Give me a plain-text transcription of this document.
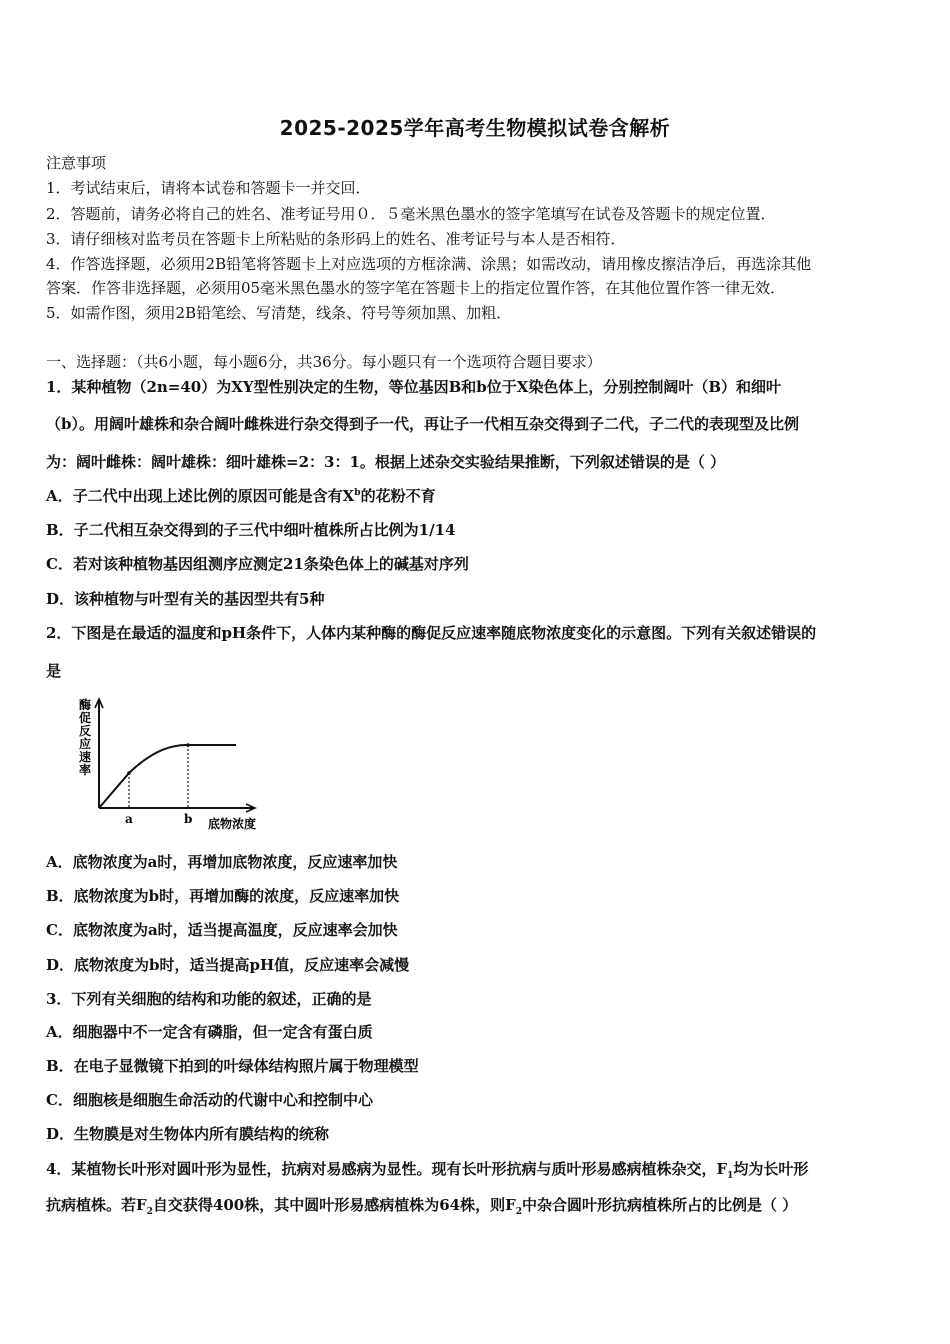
2025-2025学年高考生物模拟试卷含解析
注意事项
1．考试结束后，请将本试卷和答题卡一并交回．
2．答题前，请务必将自己的姓名、准考证号用０．５毫米黑色墨水的签字笔填写在试卷及答题卡的规定位置．
3．请仔细核对监考员在答题卡上所粘贴的条形码上的姓名、准考证号与本人是否相符．
4．作答选择题，必须用2B铅笔将答题卡上对应选项的方框涂满、涂黑；如需改动，请用橡皮擦洁净后，再选涂其他
答案．作答非选择题，必须用05毫米黑色墨水的签字笔在答题卡上的指定位置作答，在其他位置作答一律无效．
5．如需作图，须用2B铅笔绘、写清楚，线条、符号等须加黑、加粗．
一、选择题：（共6小题，每小题6分，共36分。每小题只有一个选项符合题目要求）
1．某种植物（2n=40）为XY型性别决定的生物，等位基因B和b位于X染色体上，分别控制阔叶（B）和细叶
（b）。用阔叶雄株和杂合阔叶雌株进行杂交得到子一代，再让子一代相互杂交得到子二代，子二代的表现型及比例
为：阔叶雌株：阔叶雄株：细叶雄株=2：3：1。根据上述杂交实验结果推断，下列叙述错误的是（ ）
A．子二代中出现上述比例的原因可能是含有$X^b$的花粉不育
B．子二代相互杂交得到的子三代中细叶植株所占比例为1/14
C．若对该种植物基因组测序应测定21条染色体上的碱基对序列
D．该种植物与叶型有关的基因型共有5种
2．下图是在最适的温度和pH条件下，人体内某种酶的酶促反应速率随底物浓度变化的示意图。下列有关叙述错误的
是
酶
促
反
应
速
率
a	b 底物浓度
A．底物浓度为a时，再增加底物浓度，反应速率加快
B．底物浓度为b时，再增加酶的浓度，反应速率加快
C．底物浓度为a时，适当提高温度，反应速率会加快
D．底物浓度为b时，适当提高pH值，反应速率会减慢
3．下列有关细胞的结构和功能的叙述，正确的是
A．细胞器中不一定含有磷脂，但一定含有蛋白质
B．在电子显微镜下拍到的叶绿体结构照片属于物理模型
C．细胞核是细胞生命活动的代谢中心和控制中心
D．生物膜是对生物体内所有膜结构的统称
4．某植物长叶形对圆叶形为显性，抗病对易感病为显性。现有长叶形抗病与质叶形易感病植株杂交，$F_1$均为长叶形
抗病植株。若$F_2$自交获得400株，其中圆叶形易感病植株为64株，则$F_2$中杂合圆叶形抗病植株所占的比例是（ ）
